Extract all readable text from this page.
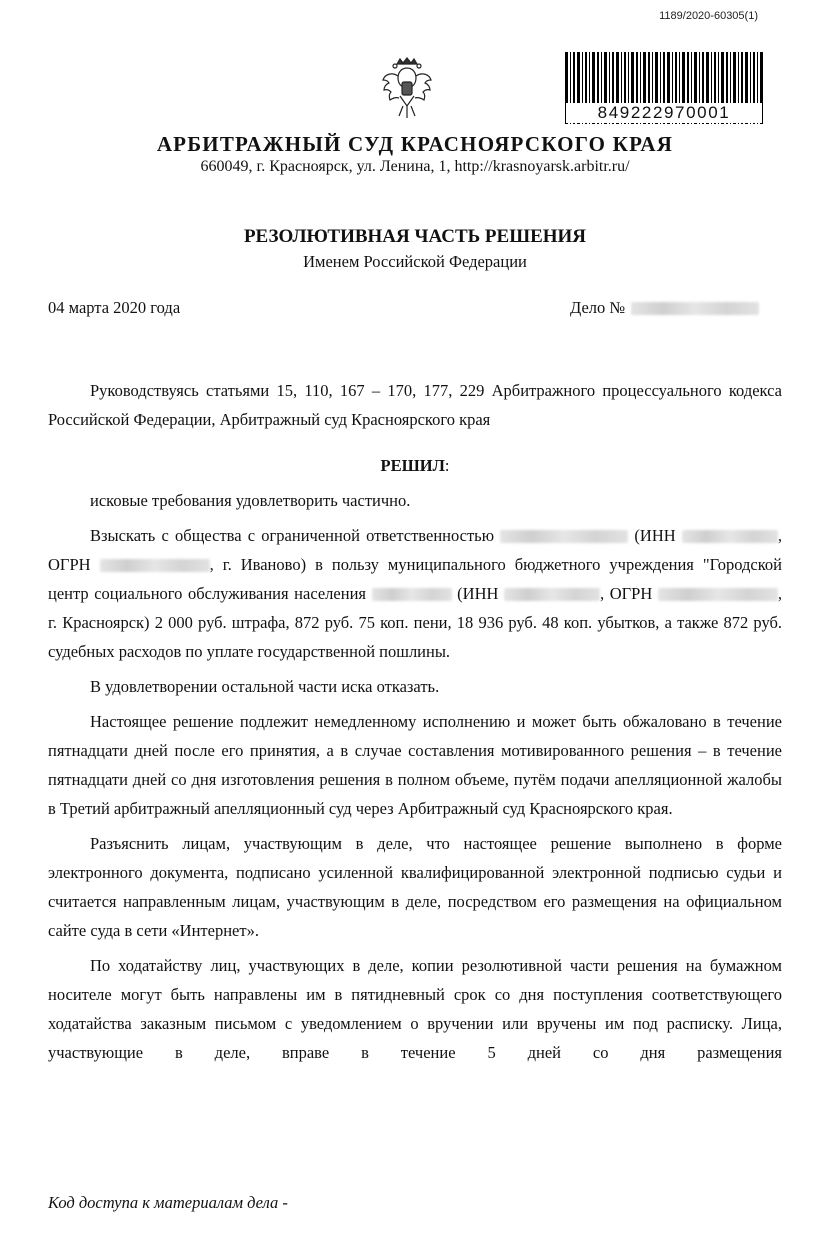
1189/2020-60305(1)
849222970001
АРБИТРАЖНЫЙ СУД КРАСНОЯРСКОГО КРАЯ
660049, г. Красноярск, ул. Ленина, 1, http://krasnoyarsk.arbitr.ru/
РЕЗОЛЮТИВНАЯ ЧАСТЬ РЕШЕНИЯ
Именем Российской Федерации
04 марта 2020 года	Дело №

Руководствуясь статьями 15, 110, 167 – 170, 177, 229 Арбитражного процессуального кодекса Российской Федерации, Арбитражный суд Красноярского края

РЕШИЛ:

исковые требования удовлетворить частично.

Взыскать с общества с ограниченной ответственностью	(ИНН	, ОГРН	, г. Иваново) в пользу муниципального бюджетного учреждения "Городской центр социального обслуживания населения	(ИНН	, ОГРН	, г. Красноярск) 2 000 руб. штрафа, 872 руб. 75 коп. пени, 18 936 руб. 48 коп. убытков, а также 872 руб. судебных расходов по уплате государственной пошлины.

В удовлетворении остальной части иска отказать.

Настоящее решение подлежит немедленному исполнению и может быть обжаловано в течение пятнадцати дней после его принятия, а в случае составления мотивированного решения – в течение пятнадцати дней со дня изготовления решения в полном объеме, путём подачи апелляционной жалобы в Третий арбитражный апелляционный суд через Арбитражный суд Красноярского края.

Разъяснить лицам, участвующим в деле, что настоящее решение выполнено в форме электронного документа, подписано усиленной квалифицированной электронной подписью судьи и считается направленным лицам, участвующим в деле, посредством его размещения на официальном сайте суда в сети «Интернет».

По ходатайству лиц, участвующих в деле, копии резолютивной части решения на бумажном носителе могут быть направлены им в пятидневный срок со дня поступления соответствующего ходатайства заказным письмом с уведомлением о вручении или вручены им под расписку. Лица, участвующие в деле, вправе в течение 5 дней со дня размещения

Код доступа к материалам дела -
